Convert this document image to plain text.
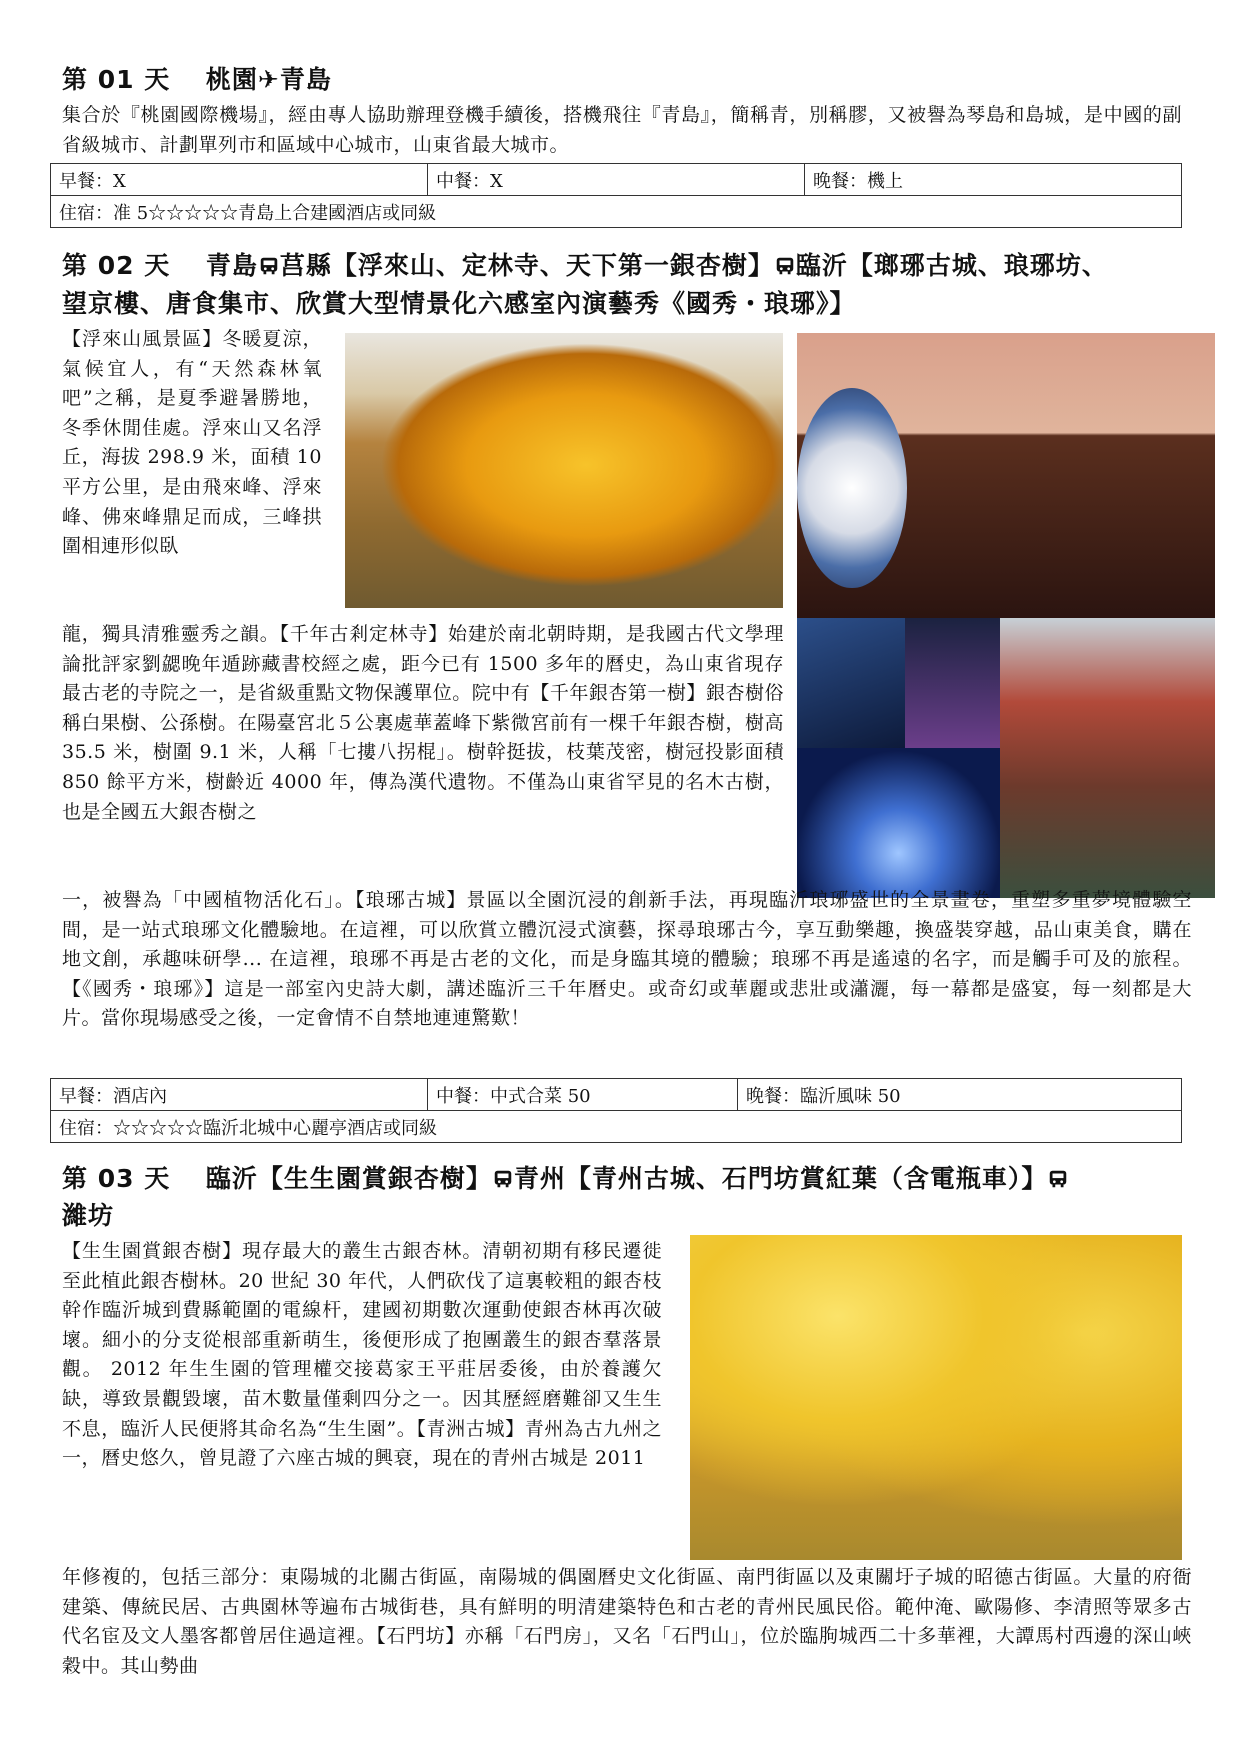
第 01 天　 桃園✈青島
集合於『桃園國際機場』，經由專人協助辦理登機手續後，搭機飛往『青島』，簡稱青，別稱膠，又被譽為琴島和島城，是中國的副省級城市、計劃單列市和區域中心城市，山東省最大城市。
早餐：X	中餐：X	晚餐：機上
住宿：准 5☆☆☆☆☆青島上合建國酒店或同級
第 02 天　 青島 莒縣【浮來山、定林寺、天下第一銀杏樹】 臨沂【瑯琊古城、琅琊坊、
望京樓、唐食集市、欣賞大型情景化六感室內演藝秀《國秀・琅琊》】
【浮來山風景區】冬暖夏涼，氣候宜人，有“天然森林氧吧”之稱，是夏季避暑勝地，冬季休閒佳處。浮來山又名浮丘，海拔 298.9 米，面積 10 平方公里，是由飛來峰、浮來峰、佛來峰鼎足而成，三峰拱圍相連形似臥
龍，獨具清雅靈秀之韻。【千年古剎定林寺】始建於南北朝時期，是我國古代文學理論批評家劉勰晚年遁跡藏書校經之處，距今已有 1500 多年的曆史，為山東省現存最古老的寺院之一，是省級重點文物保護單位。院中有【千年銀杏第一樹】銀杏樹俗稱白果樹、公孫樹。在陽臺宮北５公裏處華蓋峰下紫微宮前有一棵千年銀杏樹，樹高 35.5 米，樹圍 9.1 米，人稱「七摟八拐棍」。樹幹挺拔，枝葉茂密，樹冠投影面積 850 餘平方米，樹齡近 4000 年，傳為漢代遺物。不僅為山東省罕見的名木古樹，也是全國五大銀杏樹之
一，被譽為「中國植物活化石」。【琅琊古城】景區以全園沉浸的創新手法，再現臨沂琅琊盛世的全景畫卷，重塑多重夢境體驗空間，是一站式琅琊文化體驗地。在這裡，可以欣賞立體沉浸式演藝，探尋琅琊古今，享互動樂趣，換盛裝穿越，品山東美食，購在地文創，承趣味研學... 在這裡，琅琊不再是古老的文化，而是身臨其境的體驗；琅琊不再是遙遠的名字，而是觸手可及的旅程。【《國秀・琅琊》】這是一部室內史詩大劇，講述臨沂三千年曆史。或奇幻或華麗或悲壯或瀟灑，每一幕都是盛宴，每一刻都是大片。當你現場感受之後，一定會情不自禁地連連驚歎！
早餐：酒店內	中餐：中式合菜 50	晚餐：臨沂風味 50
住宿：☆☆☆☆☆臨沂北城中心麗亭酒店或同級
第 03 天　 臨沂【生生園賞銀杏樹】 青州【青州古城、石門坊賞紅葉（含電瓶車）】
濰坊
【生生園賞銀杏樹】現存最大的叢生古銀杏林。清朝初期有移民遷徙至此植此銀杏樹林。20 世紀 30 年代，人們砍伐了這裏較粗的銀杏枝幹作臨沂城到費縣範圍的電線杆，建國初期數次運動使銀杏林再次破壞。細小的分支從根部重新萌生，後便形成了抱團叢生的銀杏羣落景觀。 2012 年生生園的管理權交接葛家王平莊居委後，由於養護欠缺，導致景觀毀壞，苗木數量僅剩四分之一。因其歷經磨難卻又生生不息，臨沂人民便將其命名為“生生園”。【青洲古城】青州為古九州之一，曆史悠久，曾見證了六座古城的興衰，現在的青州古城是 2011
年修複的，包括三部分：東陽城的北關古街區，南陽城的偶園曆史文化街區、南門街區以及東關圩子城的昭德古街區。大量的府衙建築、傳統民居、古典園林等遍布古城街巷，具有鮮明的明清建築特色和古老的青州民風民俗。範仲淹、歐陽修、李清照等眾多古代名宦及文人墨客都曾居住過這裡。【石門坊】亦稱「石門房」，又名「石門山」，位於臨朐城西二十多華裡，大譚馬村西邊的深山峽穀中。其山勢曲
